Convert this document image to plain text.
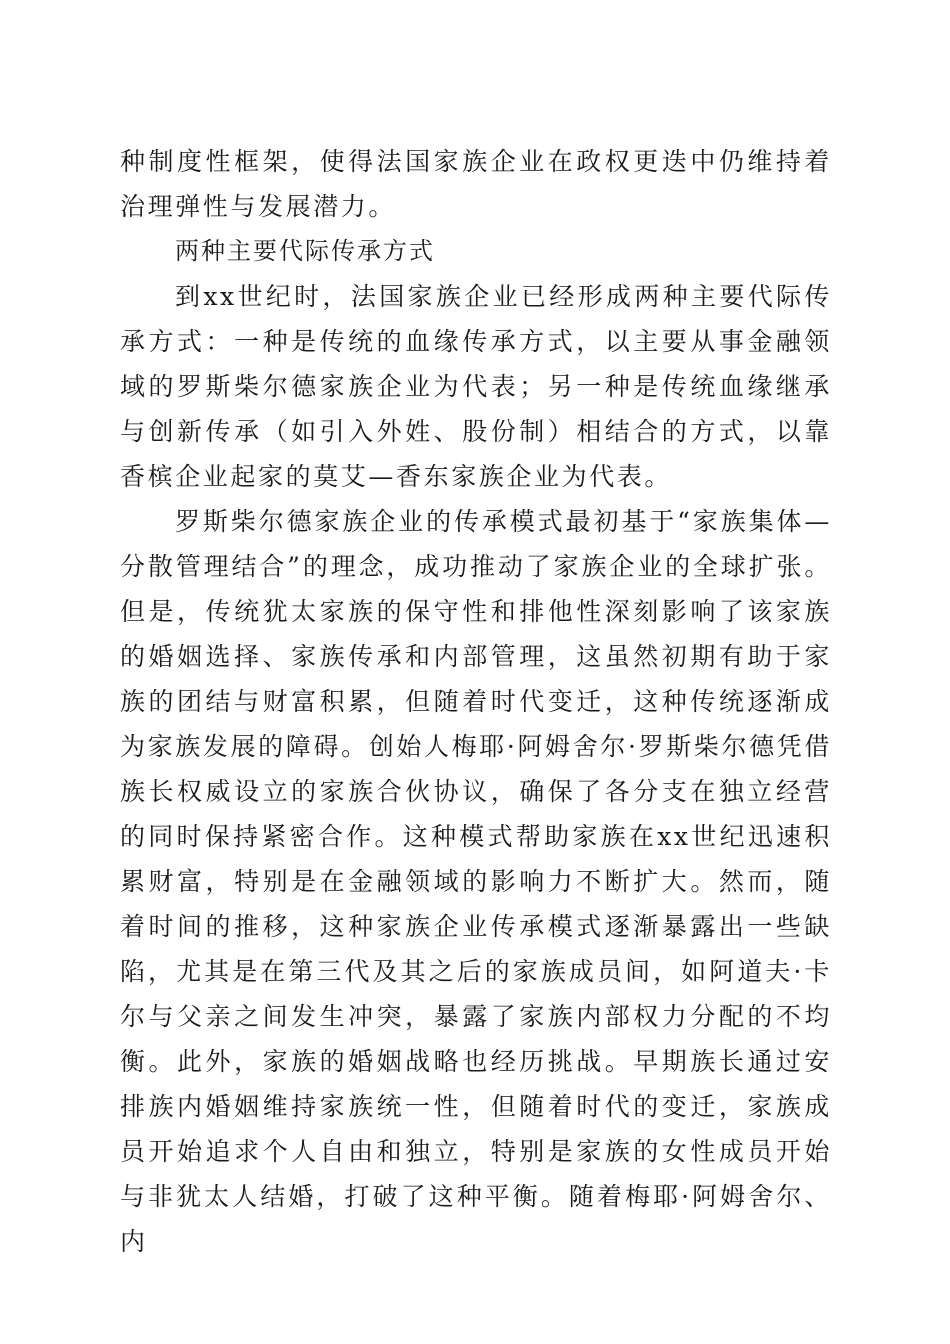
种制度性框架，使得法国家族企业在政权更迭中仍维持着治理弹性与发展潜力。

两种主要代际传承方式

到xx世纪时，法国家族企业已经形成两种主要代际传承方式：一种是传统的血缘传承方式，以主要从事金融领域的罗斯柴尔德家族企业为代表；另一种是传统血缘继承与创新传承（如引入外姓、股份制）相结合的方式，以靠香槟企业起家的莫艾—香东家族企业为代表。

罗斯柴尔德家族企业的传承模式最初基于“家族集体—分散管理结合”的理念，成功推动了家族企业的全球扩张。但是，传统犹太家族的保守性和排他性深刻影响了该家族的婚姻选择、家族传承和内部管理，这虽然初期有助于家族的团结与财富积累，但随着时代变迁，这种传统逐渐成为家族发展的障碍。创始人梅耶·阿姆舍尔·罗斯柴尔德凭借族长权威设立的家族合伙协议，确保了各分支在独立经营的同时保持紧密合作。这种模式帮助家族在xx世纪迅速积累财富，特别是在金融领域的影响力不断扩大。然而，随着时间的推移，这种家族企业传承模式逐渐暴露出一些缺陷，尤其是在第三代及其之后的家族成员间，如阿道夫·卡尔与父亲之间发生冲突，暴露了家族内部权力分配的不均衡。此外，家族的婚姻战略也经历挑战。早期族长通过安排族内婚姻维持家族统一性，但随着时代的变迁，家族成员开始追求个人自由和独立，特别是家族的女性成员开始与非犹太人结婚，打破了这种平衡。随着梅耶·阿姆舍尔、内
